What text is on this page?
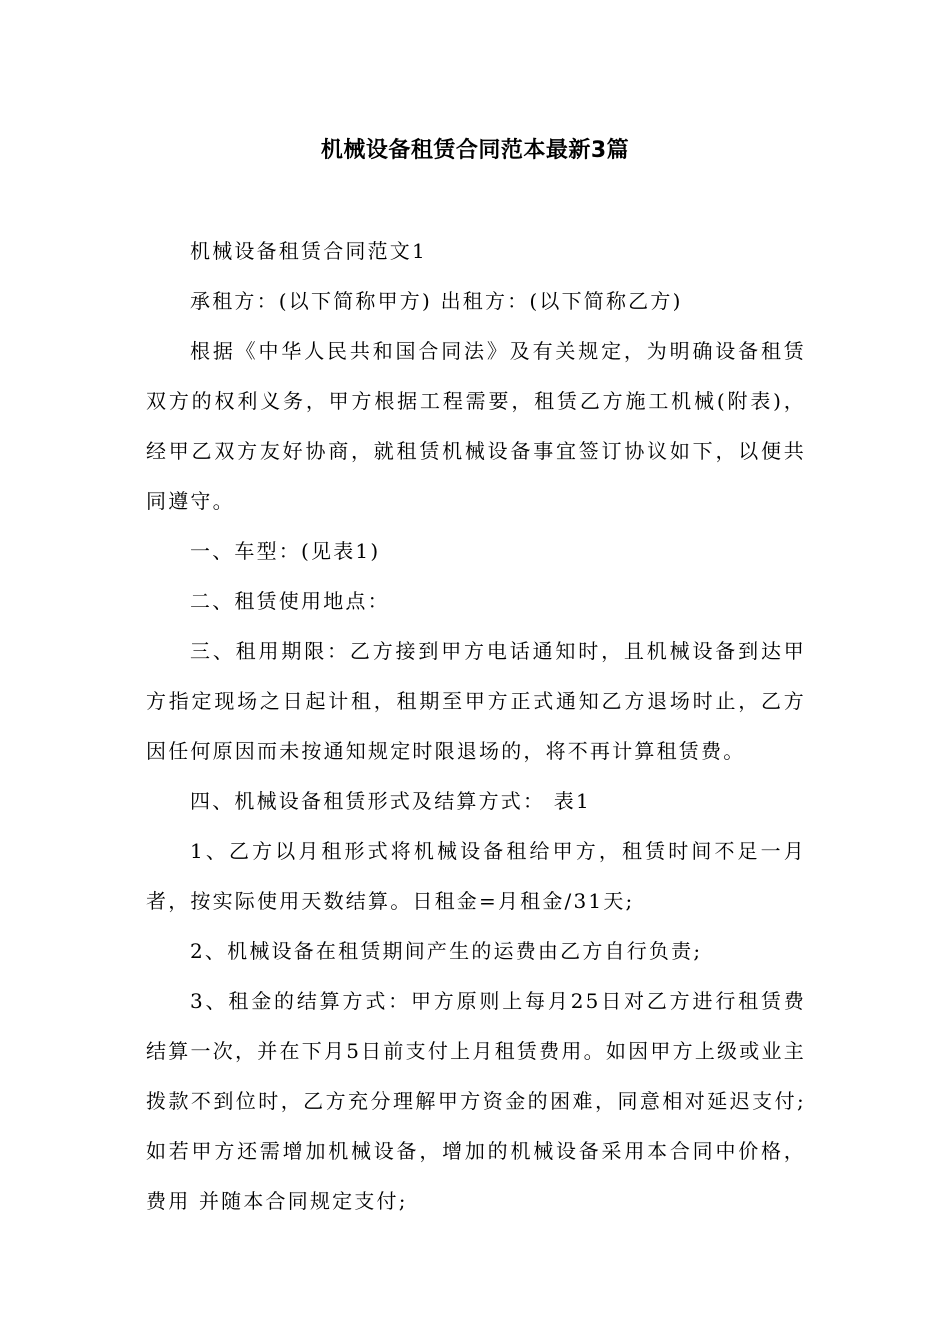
机械设备租赁合同范本最新3篇

机械设备租赁合同范文1

承租方：(以下简称甲方) 出租方：(以下简称乙方)

根据《中华人民共和国合同法》及有关规定，为明确设备租赁双方的权利义务，甲方根据工程需要，租赁乙方施工机械(附表)，经甲乙双方友好协商，就租赁机械设备事宜签订协议如下，以便共同遵守。

一、车型：(见表1)

二、租赁使用地点：

三、租用期限：乙方接到甲方电话通知时，且机械设备到达甲方指定现场之日起计租，租期至甲方正式通知乙方退场时止，乙方因任何原因而未按通知规定时限退场的，将不再计算租赁费。

四、机械设备租赁形式及结算方式： 表1

1、乙方以月租形式将机械设备租给甲方，租赁时间不足一月者，按实际使用天数结算。日租金=月租金/31天;

2、机械设备在租赁期间产生的运费由乙方自行负责;

3、租金的结算方式：甲方原则上每月25日对乙方进行租赁费结算一次，并在下月5日前支付上月租赁费用。如因甲方上级或业主拨款不到位时，乙方充分理解甲方资金的困难，同意相对延迟支付;如若甲方还需增加机械设备，增加的机械设备采用本合同中价格，费用 并随本合同规定支付;
